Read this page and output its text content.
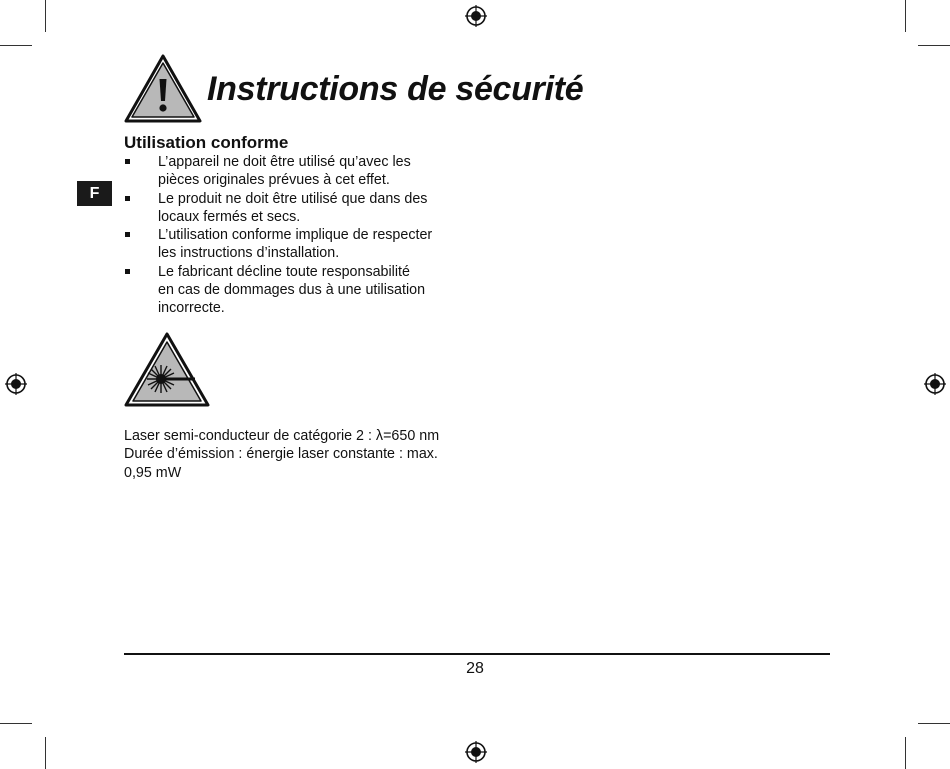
Instructions de sécurité
Utilisation conforme
F
L’appareil ne doit être utilisé qu’avec les
pièces originales prévues à cet effet.
Le produit ne doit être utilisé que dans des
locaux fermés et secs.
L’utilisation conforme implique de respecter
les instructions d’installation.
Le fabricant décline toute responsabilité
en cas de dommages dus à une utilisation
incorrecte.
Laser semi-conducteur de catégorie 2 : λ=650 nm
Durée d’émission : énergie laser constante : max.
0,95 mW
28
